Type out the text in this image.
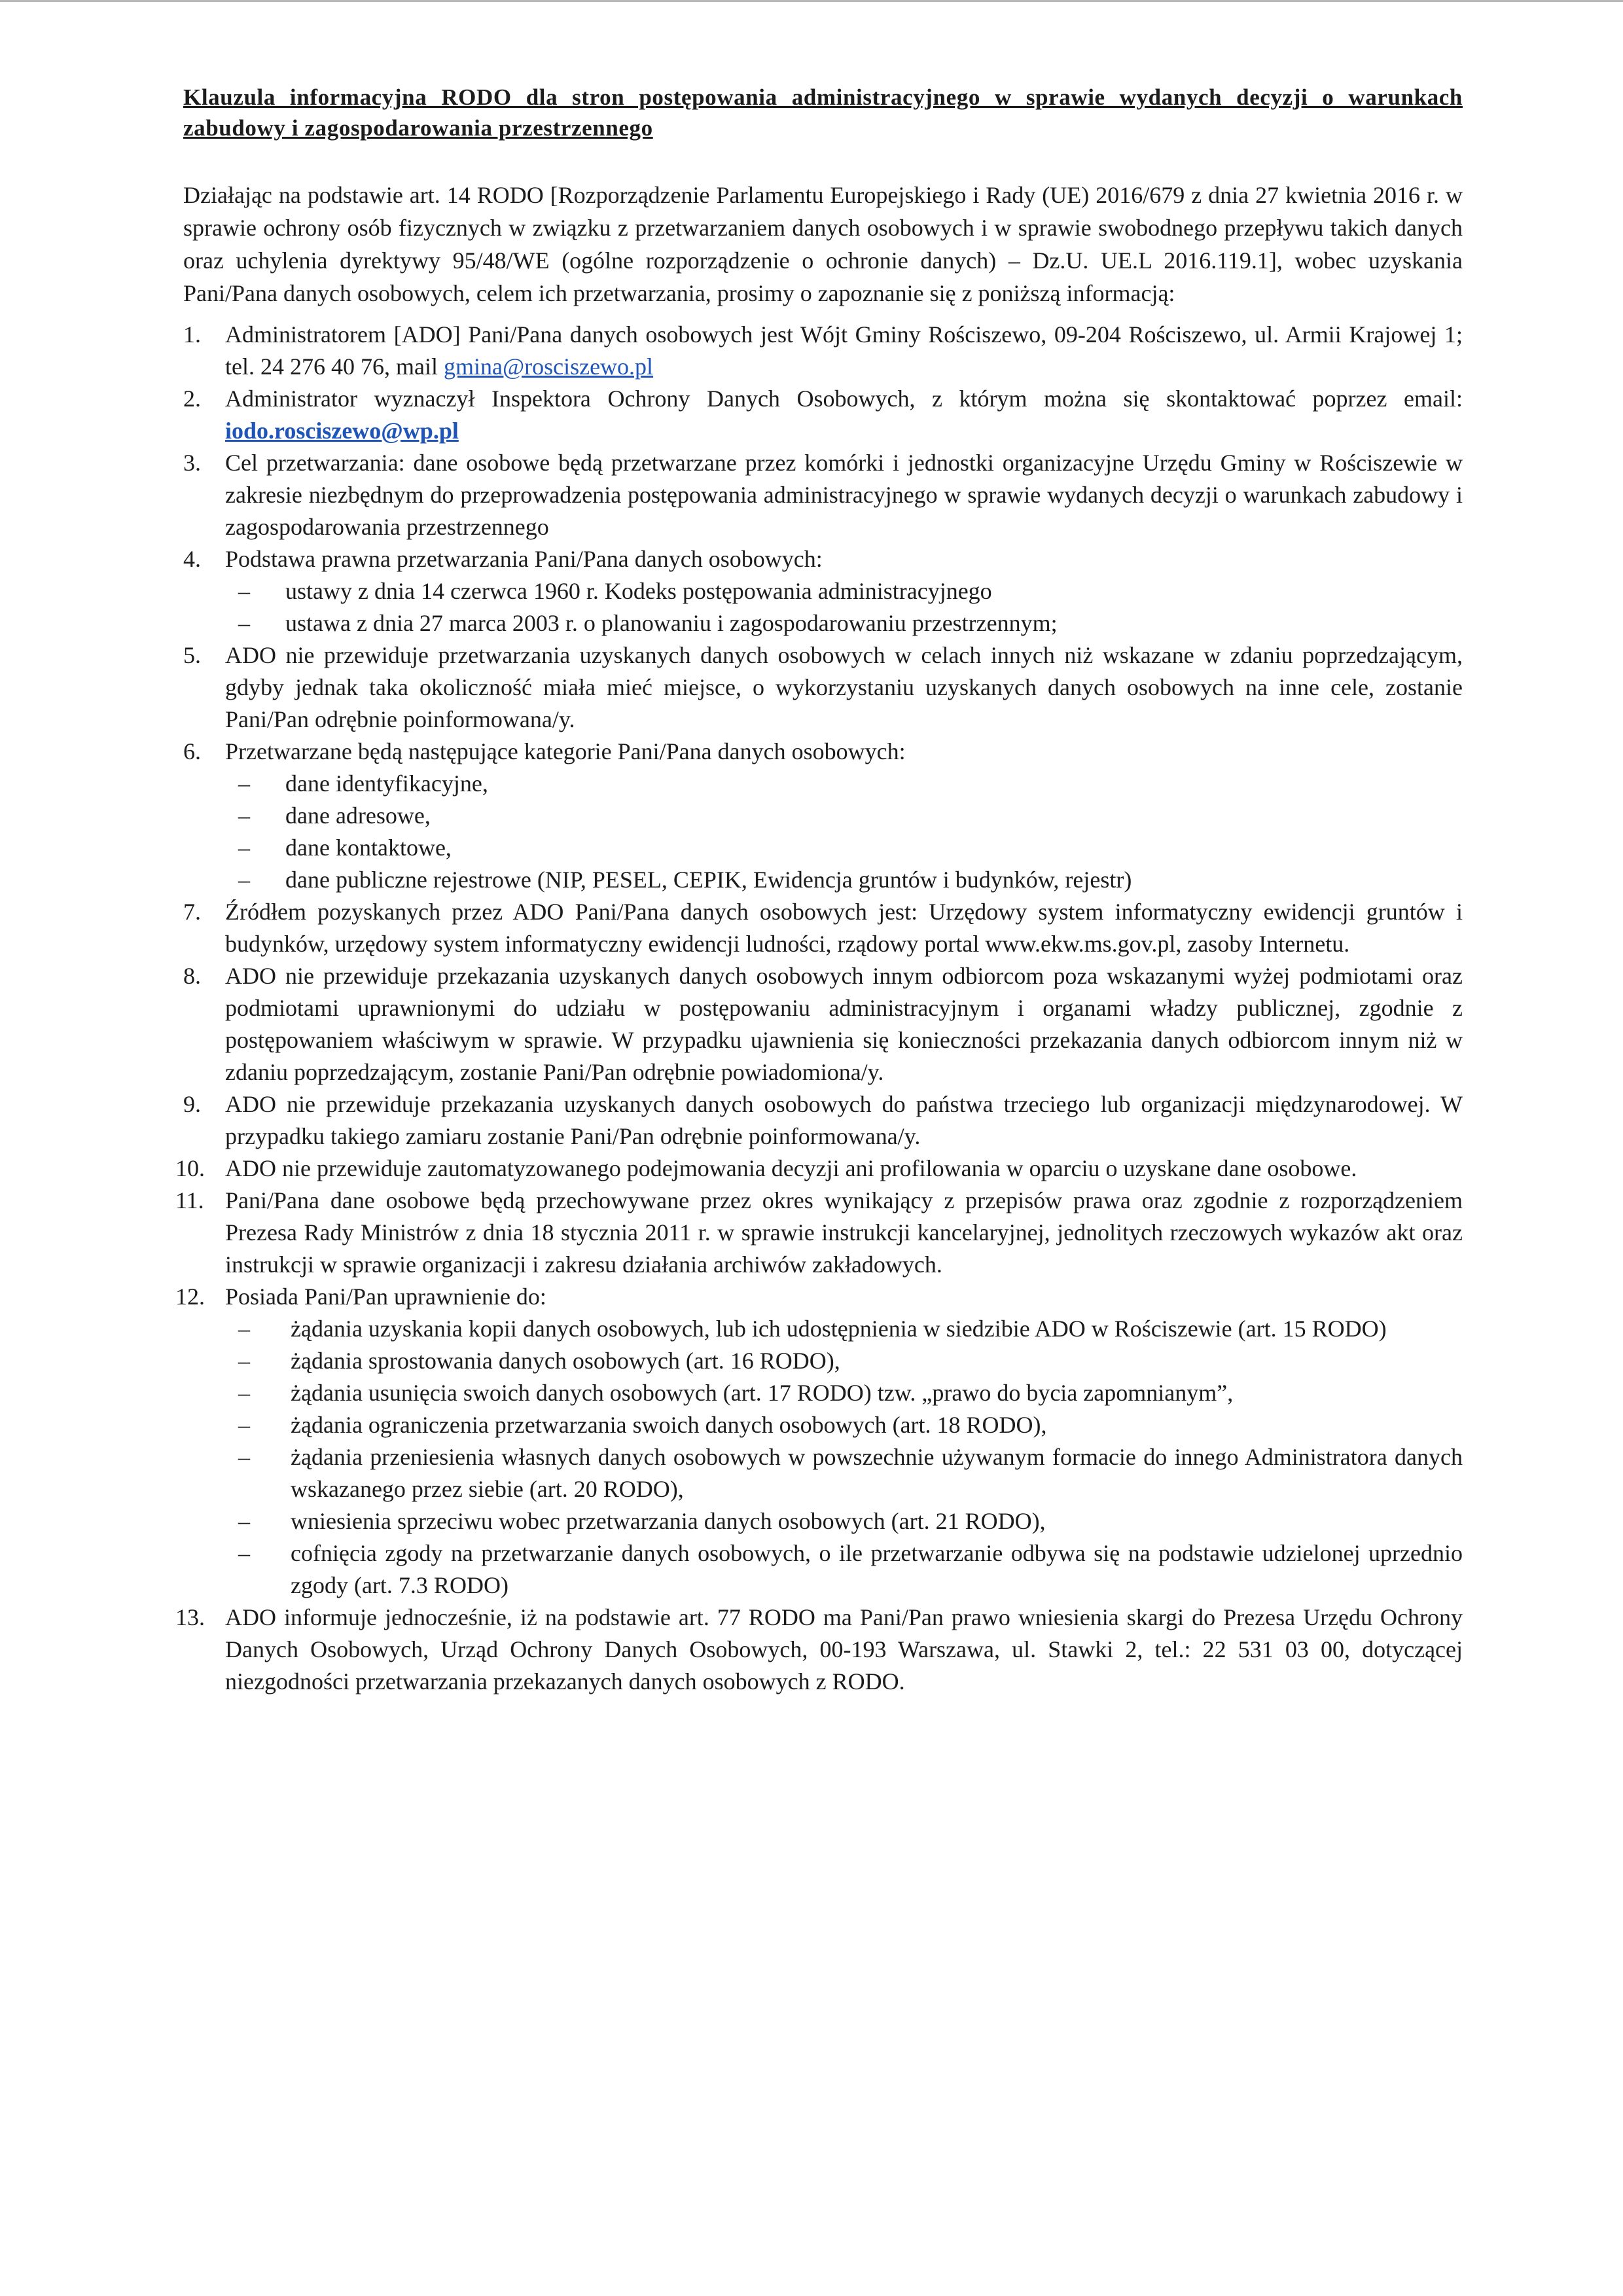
Klauzula informacyjna RODO dla stron postępowania administracyjnego w sprawie wydanych decyzji o warunkach zabudowy i zagospodarowania przestrzennego

Działając na podstawie art. 14 RODO [Rozporządzenie Parlamentu Europejskiego i Rady (UE) 2016/679 z dnia 27 kwietnia 2016 r. w sprawie ochrony osób fizycznych w związku z przetwarzaniem danych osobowych i w sprawie swobodnego przepływu takich danych oraz uchylenia dyrektywy 95/48/WE (ogólne rozporządzenie o ochronie danych) – Dz.U. UE.L 2016.119.1], wobec uzyskania Pani/Pana danych osobowych, celem ich przetwarzania, prosimy o zapoznanie się z poniższą informacją:

1.	Administratorem [ADO] Pani/Pana danych osobowych jest Wójt Gminy Rościszewo, 09-204 Rościszewo, ul. Armii Krajowej 1; tel. 24 276 40 76, mail gmina@rosciszewo.pl
2.	Administrator wyznaczył Inspektora Ochrony Danych Osobowych, z którym można się skontaktować poprzez email: iodo.rosciszewo@wp.pl
3.	Cel przetwarzania: dane osobowe będą przetwarzane przez komórki i jednostki organizacyjne Urzędu Gminy w Rościszewie w zakresie niezbędnym do przeprowadzenia postępowania administracyjnego w sprawie wydanych decyzji o warunkach zabudowy i zagospodarowania przestrzennego
4.	Podstawa prawna przetwarzania Pani/Pana danych osobowych:
– ustawy z dnia 14 czerwca 1960 r. Kodeks postępowania administracyjnego
– ustawa z dnia 27 marca 2003 r. o planowaniu i zagospodarowaniu przestrzennym;
5.	ADO nie przewiduje przetwarzania uzyskanych danych osobowych w celach innych niż wskazane w zdaniu poprzedzającym, gdyby jednak taka okoliczność miała mieć miejsce, o wykorzystaniu uzyskanych danych osobowych na inne cele, zostanie Pani/Pan odrębnie poinformowana/y.
6.	Przetwarzane będą następujące kategorie Pani/Pana danych osobowych:
– dane identyfikacyjne,
– dane adresowe,
– dane kontaktowe,
– dane publiczne rejestrowe (NIP, PESEL, CEPIK, Ewidencja gruntów i budynków, rejestr)
7.	Źródłem pozyskanych przez ADO Pani/Pana danych osobowych jest: Urzędowy system informatyczny ewidencji gruntów i budynków, urzędowy system informatyczny ewidencji ludności, rządowy portal www.ekw.ms.gov.pl, zasoby Internetu.
8.	ADO nie przewiduje przekazania uzyskanych danych osobowych innym odbiorcom poza wskazanymi wyżej podmiotami oraz podmiotami uprawnionymi do udziału w postępowaniu administracyjnym i organami władzy publicznej, zgodnie z postępowaniem właściwym w sprawie. W przypadku ujawnienia się konieczności przekazania danych odbiorcom innym niż w zdaniu poprzedzającym, zostanie Pani/Pan odrębnie powiadomiona/y.
9.	ADO nie przewiduje przekazania uzyskanych danych osobowych do państwa trzeciego lub organizacji międzynarodowej. W przypadku takiego zamiaru zostanie Pani/Pan odrębnie poinformowana/y.
10. ADO nie przewiduje zautomatyzowanego podejmowania decyzji ani profilowania w oparciu o uzyskane dane osobowe.
11. Pani/Pana dane osobowe będą przechowywane przez okres wynikający z przepisów prawa oraz zgodnie z rozporządzeniem Prezesa Rady Ministrów z dnia 18 stycznia 2011 r. w sprawie instrukcji kancelaryjnej, jednolitych rzeczowych wykazów akt oraz instrukcji w sprawie organizacji i zakresu działania archiwów zakładowych.
12. Posiada Pani/Pan uprawnienie do:
– żądania uzyskania kopii danych osobowych, lub ich udostępnienia w siedzibie ADO w Rościszewie (art. 15 RODO)
– żądania sprostowania danych osobowych (art. 16 RODO),
– żądania usunięcia swoich danych osobowych (art. 17 RODO) tzw. „prawo do bycia zapomnianym”,
– żądania ograniczenia przetwarzania swoich danych osobowych (art. 18 RODO),
– żądania przeniesienia własnych danych osobowych w powszechnie używanym formacie do innego Administratora danych wskazanego przez siebie (art. 20 RODO),
– wniesienia sprzeciwu wobec przetwarzania danych osobowych (art. 21 RODO),
– cofnięcia zgody na przetwarzanie danych osobowych, o ile przetwarzanie odbywa się na podstawie udzielonej uprzednio zgody (art. 7.3 RODO)
13. ADO informuje jednocześnie, iż na podstawie art. 77 RODO ma Pani/Pan prawo wniesienia skargi do Prezesa Urzędu Ochrony Danych Osobowych, Urząd Ochrony Danych Osobowych, 00-193 Warszawa, ul. Stawki 2, tel.: 22 531 03 00, dotyczącej niezgodności przetwarzania przekazanych danych osobowych z RODO.
